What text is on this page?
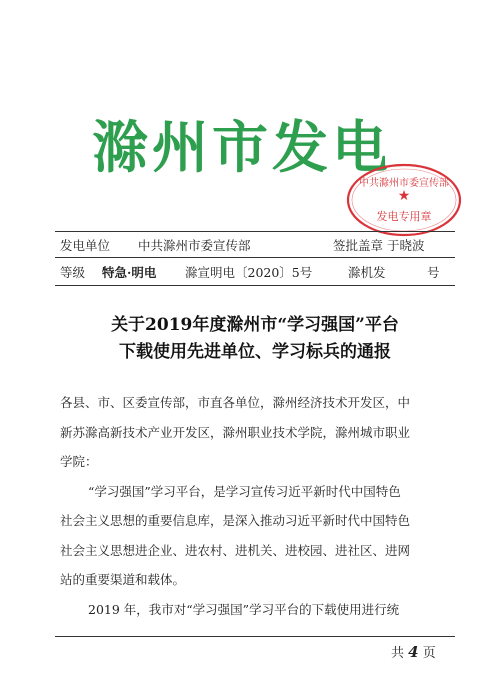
滁州市发电
中共滁州市委宣传部
★
发电专用章
发电单位 中共滁州市委宣传部	签批盖章 于晓波
等级 特急·明电 滁宣明电〔2020〕5号	滁机发	号
关于2019年度滁州市“学习强国”平台
下载使用先进单位、学习标兵的通报

各县、市、区委宣传部，市直各单位，滁州经济技术开发区，中

新苏滁高新技术产业开发区，滁州职业技术学院，滁州城市职业

学院：

“学习强国”学习平台，是学习宣传习近平新时代中国特色

社会主义思想的重要信息库，是深入推动习近平新时代中国特色

社会主义思想进企业、进农村、进机关、进校园、进社区、进网

站的重要渠道和载体。

2019 年，我市对“学习强国”学习平台的下载使用进行统

共 4 页
